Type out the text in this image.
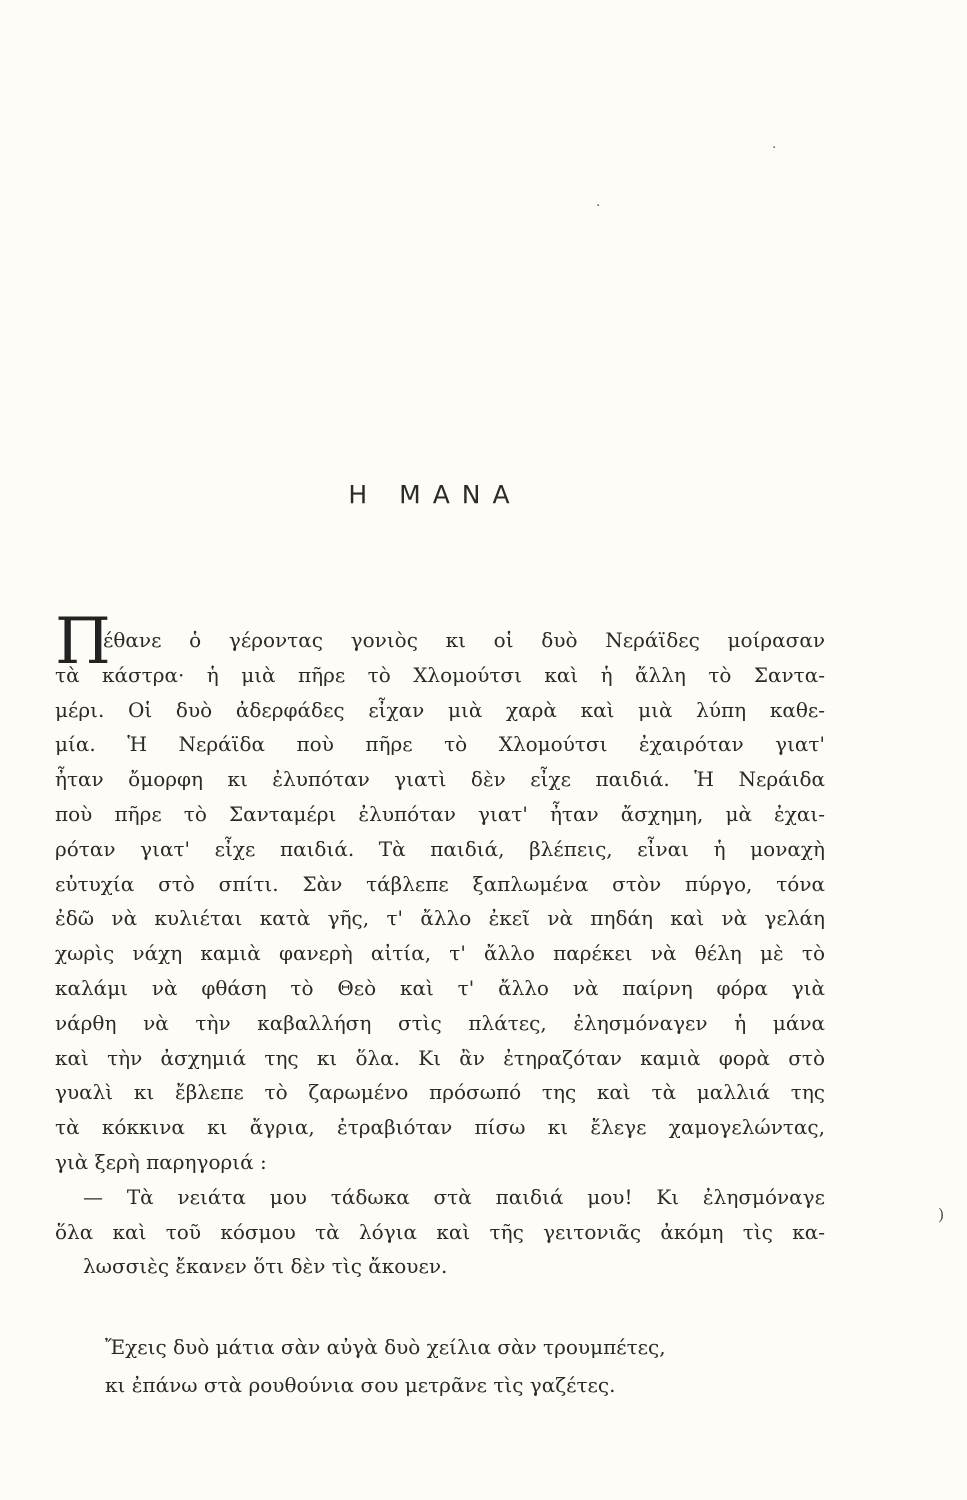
·
·
Η ΜΑΝΑ
Π
έθανε ὁ γέροντας γονιὸς κι οἱ δυὸ Νεράϊδες μοίρασαν
τὰ κάστρα· ἡ μιὰ πῆρε τὸ Χλομούτσι καὶ ἡ ἄλλη τὸ Σαντα-
μέρι. Οἱ δυὸ ἀδερφάδες εἶχαν μιὰ χαρὰ καὶ μιὰ λύπη καθε-
μία. Ἡ Νεράϊδα ποὺ πῆρε τὸ Χλομούτσι ἐχαιρόταν γιατ'
ἦταν ὄμορφη κι ἐλυπόταν γιατὶ δὲν εἶχε παιδιά. Ἡ Νεράιδα
ποὺ πῆρε τὸ Σανταμέρι ἐλυπόταν γιατ' ἦταν ἄσχημη, μὰ ἐχαι-
ρόταν γιατ' εἶχε παιδιά. Τὰ παιδιά, βλέπεις, εἶναι ἡ μοναχὴ
εὐτυχία στὸ σπίτι. Σὰν τάβλεπε ξαπλωμένα στὸν πύργο, τόνα
ἐδῶ νὰ κυλιέται κατὰ γῆς, τ' ἄλλο ἐκεῖ νὰ πηδάη καὶ νὰ γελάη
χωρὶς νάχη καμιὰ φανερὴ αἰτία, τ' ἄλλο παρέκει νὰ θέλη μὲ τὸ
καλάμι νὰ φθάση τὸ Θεὸ καὶ τ' ἄλλο νὰ παίρνη φόρα γιὰ
νάρθη νὰ τὴν καβαλλήση στὶς πλάτες, ἐλησμόναγεν ἡ μάνα
καὶ τὴν ἀσχημιά της κι ὅλα. Κι ἂν ἐτηραζόταν καμιὰ φορὰ στὸ
γυαλὶ κι ἔβλεπε τὸ ζαρωμένο πρόσωπό της καὶ τὰ μαλλιά της
τὰ κόκκινα κι ἄγρια, ἐτραβιόταν πίσω κι ἔλεγε χαμογελώντας,
γιὰ ξερὴ παρηγοριά :
— Τὰ νειάτα μου τάδωκα στὰ παιδιά μου! Κι ἐλησμόναγε
ὅλα καὶ τοῦ κόσμου τὰ λόγια καὶ τῆς γειτονιᾶς ἀκόμη τὶς κα-
λωσσιὲς ἔκανεν ὅτι δὲν τὶς ἄκουεν.
Ἔχεις δυὸ μάτια σὰν αὐγὰ δυὸ χείλια σὰν τρουμπέτες,
κι ἐπάνω στὰ ρουθούνια σου μετρᾶνε τὶς γαζέτες.
)
